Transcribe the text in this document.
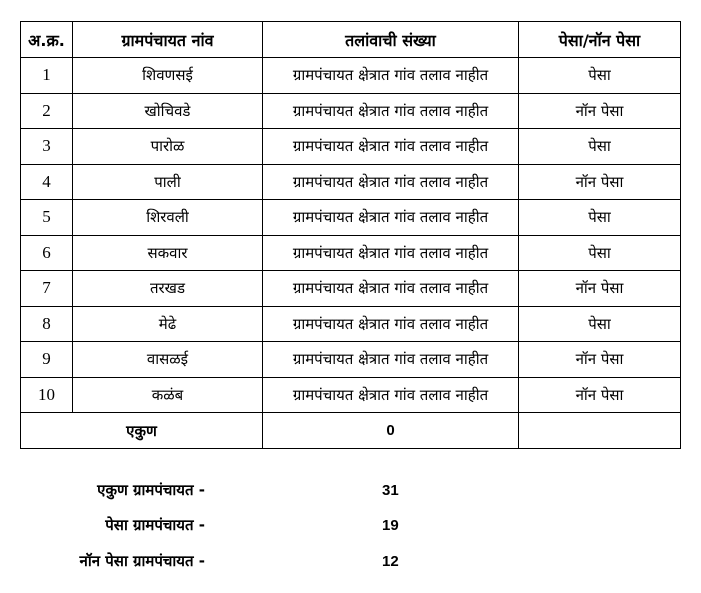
अ.क्र.	ग्रामपंचायत नांव	तलांवाची संख्या	पेसा/नॉन पेसा
1	शिवणसई	ग्रामपंचायत क्षेत्रात गांव तलाव नाहीत	पेसा
2	खोचिवडे	ग्रामपंचायत क्षेत्रात गांव तलाव नाहीत	नॉन पेसा
3	पारोळ	ग्रामपंचायत क्षेत्रात गांव तलाव नाहीत	पेसा
4	पाली	ग्रामपंचायत क्षेत्रात गांव तलाव नाहीत	नॉन पेसा
5	शिरवली	ग्रामपंचायत क्षेत्रात गांव तलाव नाहीत	पेसा
6	सकवार	ग्रामपंचायत क्षेत्रात गांव तलाव नाहीत	पेसा
7	तरखड	ग्रामपंचायत क्षेत्रात गांव तलाव नाहीत	नॉन पेसा
8	मेढे	ग्रामपंचायत क्षेत्रात गांव तलाव नाहीत	पेसा
9	वासळई	ग्रामपंचायत क्षेत्रात गांव तलाव नाहीत	नॉन पेसा
10	कळंब	ग्रामपंचायत क्षेत्रात गांव तलाव नाहीत	नॉन पेसा
एकुण		0	
एकुण ग्रामपंचायत -	31
पेसा ग्रामपंचायत -	19
नॉन पेसा ग्रामपंचायत -	12
